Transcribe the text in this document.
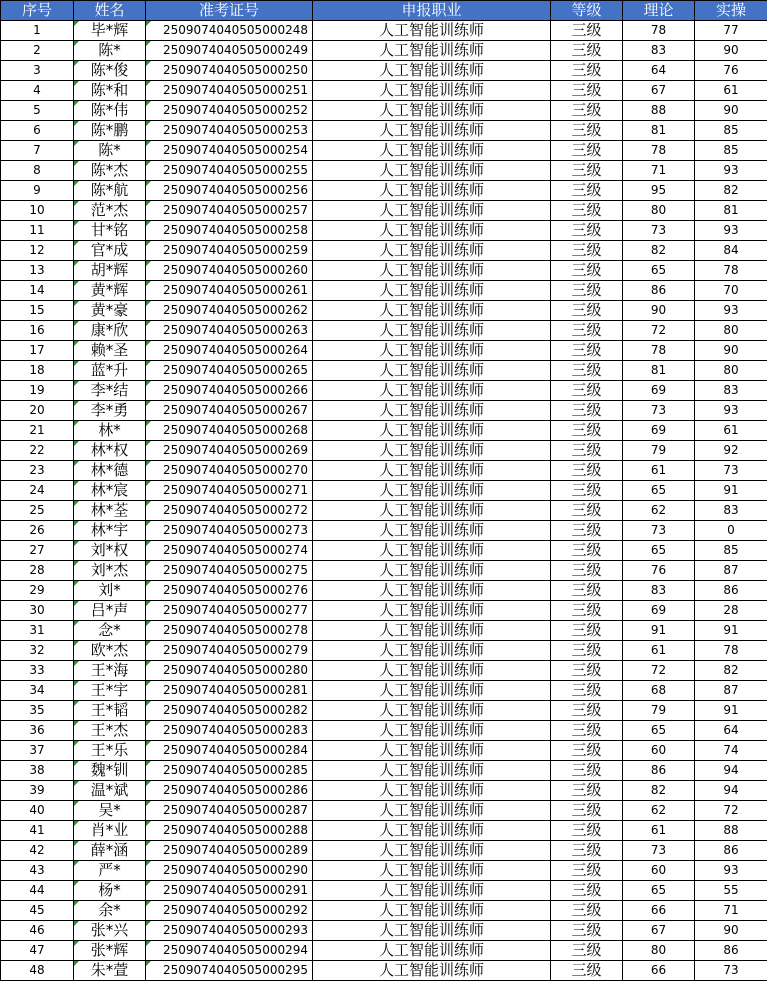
序号	姓名	准考证号	申报职业	等级	理论	实操
1	毕*辉	2509074040505000248	人工智能训练师	三级	78	77
2	陈*	2509074040505000249	人工智能训练师	三级	83	90
3	陈*俊	2509074040505000250	人工智能训练师	三级	64	76
4	陈*和	2509074040505000251	人工智能训练师	三级	67	61
5	陈*伟	2509074040505000252	人工智能训练师	三级	88	90
6	陈*鹏	2509074040505000253	人工智能训练师	三级	81	85
7	陈*	2509074040505000254	人工智能训练师	三级	78	85
8	陈*杰	2509074040505000255	人工智能训练师	三级	71	93
9	陈*航	2509074040505000256	人工智能训练师	三级	95	82
10	范*杰	2509074040505000257	人工智能训练师	三级	80	81
11	甘*铭	2509074040505000258	人工智能训练师	三级	73	93
12	官*成	2509074040505000259	人工智能训练师	三级	82	84
13	胡*辉	2509074040505000260	人工智能训练师	三级	65	78
14	黄*辉	2509074040505000261	人工智能训练师	三级	86	70
15	黄*豪	2509074040505000262	人工智能训练师	三级	90	93
16	康*欣	2509074040505000263	人工智能训练师	三级	72	80
17	赖*圣	2509074040505000264	人工智能训练师	三级	78	90
18	蓝*升	2509074040505000265	人工智能训练师	三级	81	80
19	李*结	2509074040505000266	人工智能训练师	三级	69	83
20	李*勇	2509074040505000267	人工智能训练师	三级	73	93
21	林*	2509074040505000268	人工智能训练师	三级	69	61
22	林*权	2509074040505000269	人工智能训练师	三级	79	92
23	林*德	2509074040505000270	人工智能训练师	三级	61	73
24	林*宸	2509074040505000271	人工智能训练师	三级	65	91
25	林*荃	2509074040505000272	人工智能训练师	三级	62	83
26	林*宇	2509074040505000273	人工智能训练师	三级	73	0
27	刘*权	2509074040505000274	人工智能训练师	三级	65	85
28	刘*杰	2509074040505000275	人工智能训练师	三级	76	87
29	刘*	2509074040505000276	人工智能训练师	三级	83	86
30	吕*声	2509074040505000277	人工智能训练师	三级	69	28
31	念*	2509074040505000278	人工智能训练师	三级	91	91
32	欧*杰	2509074040505000279	人工智能训练师	三级	61	78
33	王*海	2509074040505000280	人工智能训练师	三级	72	82
34	王*宇	2509074040505000281	人工智能训练师	三级	68	87
35	王*韬	2509074040505000282	人工智能训练师	三级	79	91
36	王*杰	2509074040505000283	人工智能训练师	三级	65	64
37	王*乐	2509074040505000284	人工智能训练师	三级	60	74
38	魏*钏	2509074040505000285	人工智能训练师	三级	86	94
39	温*斌	2509074040505000286	人工智能训练师	三级	82	94
40	吴*	2509074040505000287	人工智能训练师	三级	62	72
41	肖*业	2509074040505000288	人工智能训练师	三级	61	88
42	薛*涵	2509074040505000289	人工智能训练师	三级	73	86
43	严*	2509074040505000290	人工智能训练师	三级	60	93
44	杨*	2509074040505000291	人工智能训练师	三级	65	55
45	余*	2509074040505000292	人工智能训练师	三级	66	71
46	张*兴	2509074040505000293	人工智能训练师	三级	67	90
47	张*辉	2509074040505000294	人工智能训练师	三级	80	86
48	朱*萱	2509074040505000295	人工智能训练师	三级	66	73
